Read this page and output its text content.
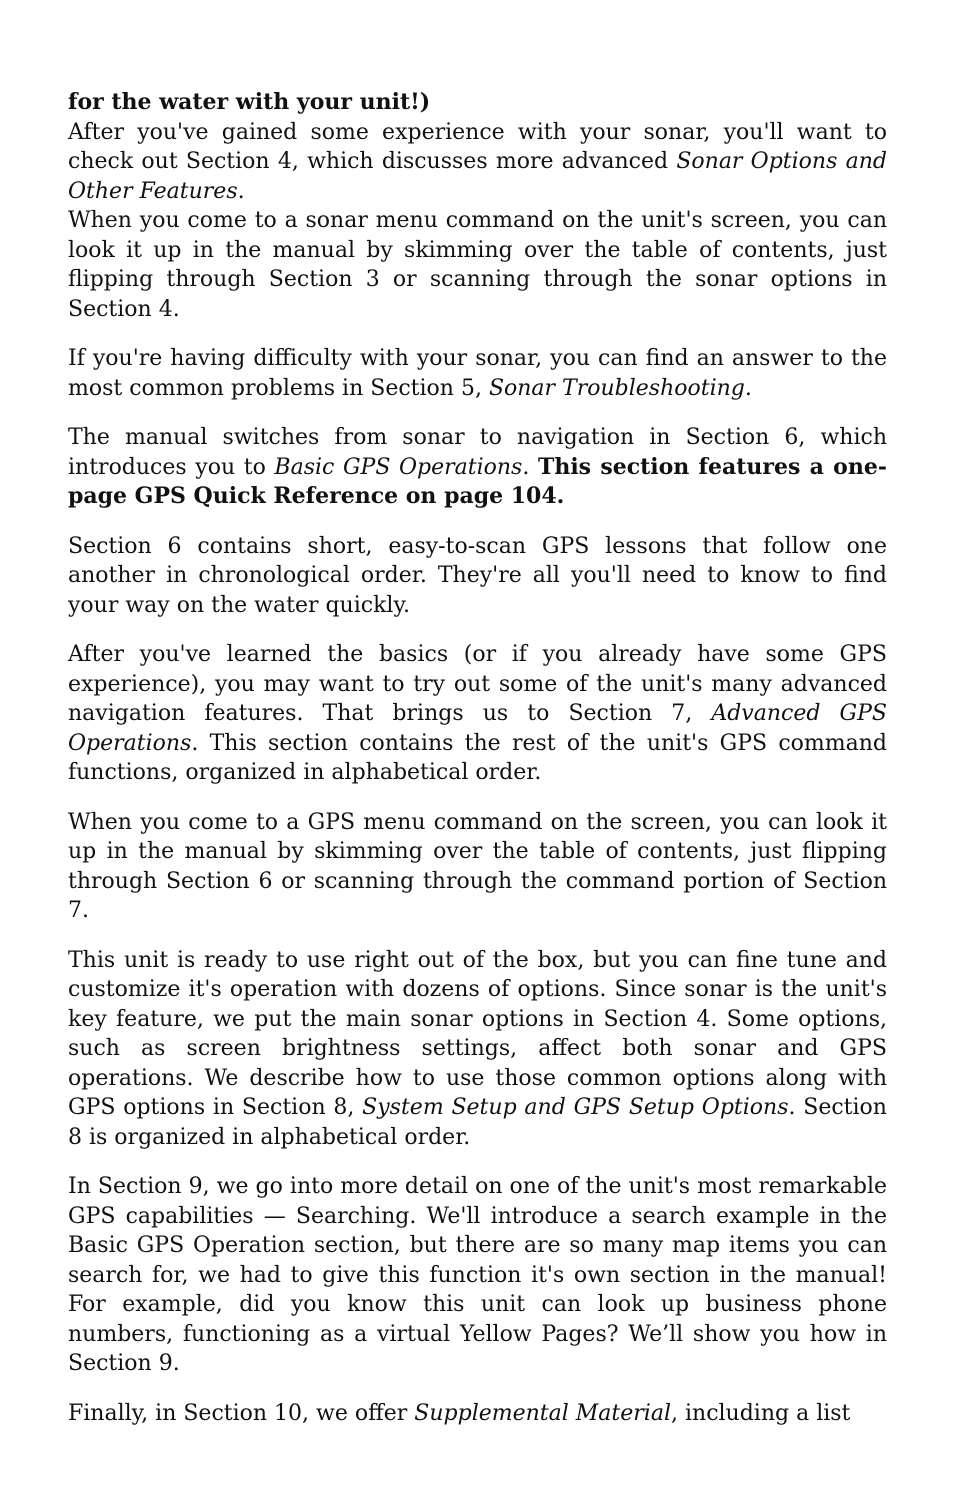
for the water with your unit!)
After you've gained some experience with your sonar, you'll want to check out Section 4, which discusses more advanced Sonar Options and Other Features.

When you come to a sonar menu command on the unit's screen, you can look it up in the manual by skimming over the table of contents, just flipping through Section 3 or scanning through the sonar options in Section 4.

If you're having difficulty with your sonar, you can find an answer to the most common problems in Section 5, Sonar Troubleshooting.

The manual switches from sonar to navigation in Section 6, which introduces you to Basic GPS Operations. This section features a one-page GPS Quick Reference on page 104.

Section 6 contains short, easy-to-scan GPS lessons that follow one another in chronological order. They're all you'll need to know to find your way on the water quickly.

After you've learned the basics (or if you already have some GPS experience), you may want to try out some of the unit's many advanced navigation features. That brings us to Section 7, Advanced GPS Operations. This section contains the rest of the unit's GPS command functions, organized in alphabetical order.

When you come to a GPS menu command on the screen, you can look it up in the manual by skimming over the table of contents, just flipping through Section 6 or scanning through the command portion of Section 7.

This unit is ready to use right out of the box, but you can fine tune and customize it's operation with dozens of options. Since sonar is the unit's key feature, we put the main sonar options in Section 4. Some options, such as screen brightness settings, affect both sonar and GPS operations. We describe how to use those common options along with GPS options in Section 8, System Setup and GPS Setup Options. Section 8 is organized in alphabetical order.

In Section 9, we go into more detail on one of the unit's most remarkable GPS capabilities — Searching. We'll introduce a search example in the Basic GPS Operation section, but there are so many map items you can search for, we had to give this function it's own section in the manual! For example, did you know this unit can look up business phone numbers, functioning as a virtual Yellow Pages? We’ll show you how in Section 9.

Finally, in Section 10, we offer Supplemental Material, including a list
